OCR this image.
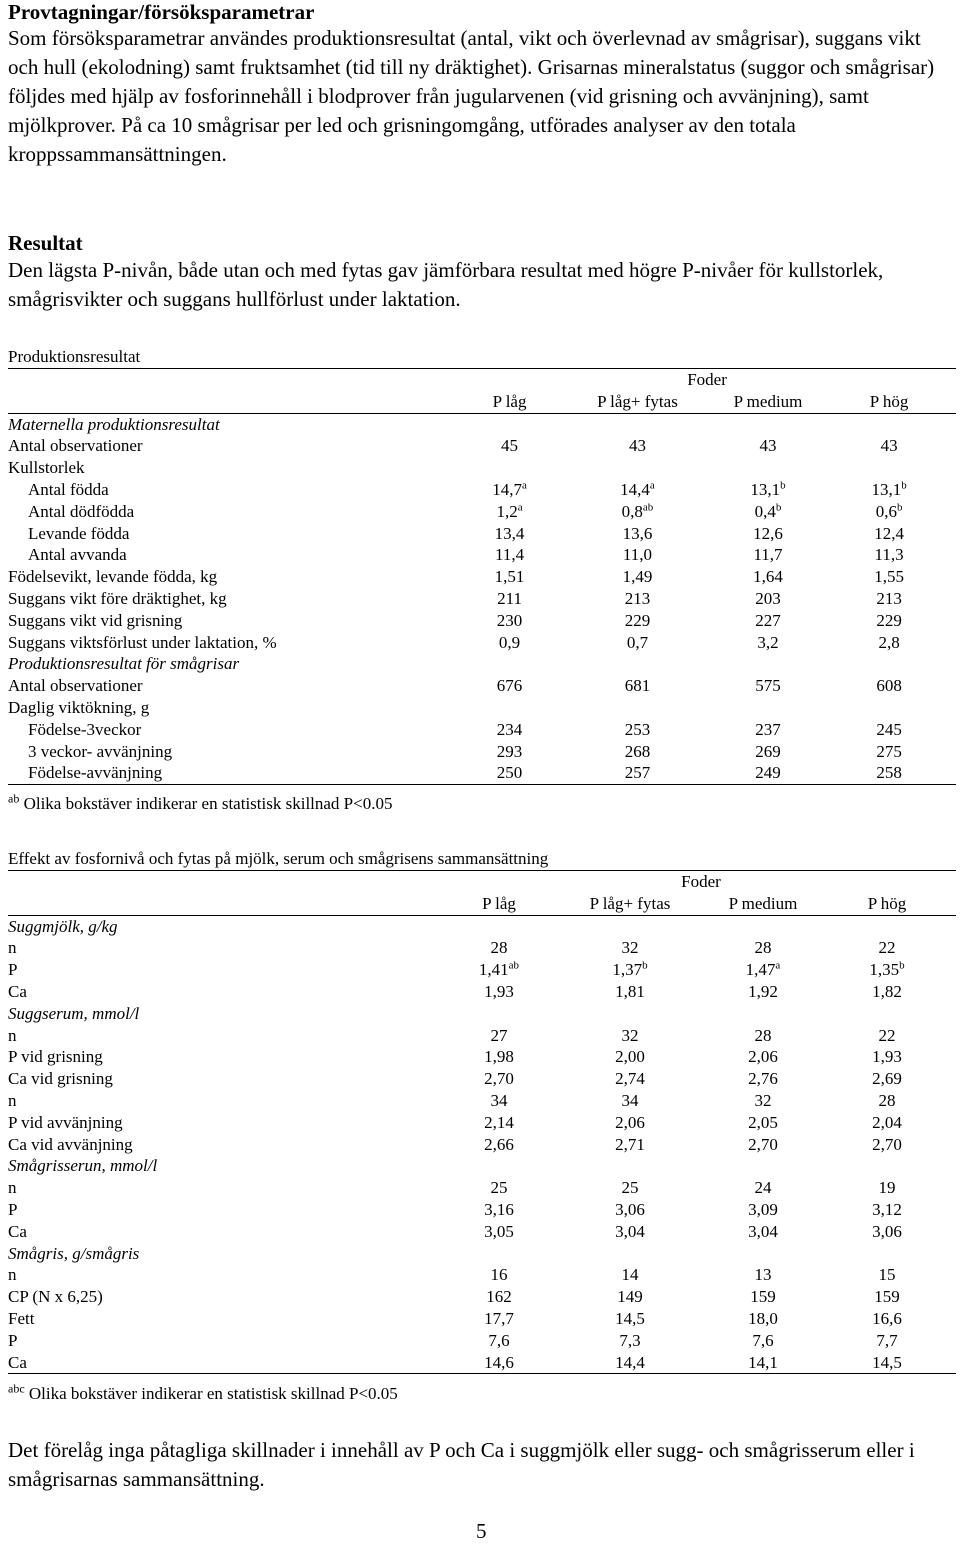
Provtagningar/försöksparametrar

Som försöksparametrar användes produktionsresultat (antal, vikt och överlevnad av smågrisar), suggans vikt och hull (ekolodning) samt fruktsamhet (tid till ny dräktighet). Grisarnas mineralstatus (suggor och smågrisar) följdes med hjälp av fosforinnehåll i blodprover från jugularvenen (vid grisning och avvänjning), samt mjölkprover. På ca 10 smågrisar per led och grisningomgång, utförades analyser av den totala kroppssammansättningen.

Resultat

Den lägsta P-nivån, både utan och med fytas gav jämförbara resultat med högre P-nivåer för kullstorlek, smågrisvikter och suggans hullförlust under laktation.

Produktionsresultat
	Foder			
	P låg	P låg+ fytas	P medium	P hög
Maternella produktionsresultat				
Antal observationer	45	43	43	43
Kullstorlek				
Antal födda	14,7$^a$	14,4$^a$	13,1$^b$	13,1$^b$
Antal dödfödda	1,2$^a$	0,8$^{ab}$	0,4$^b$	0,6$^b$
Levande födda	13,4	13,6	12,6	12,4
Antal avvanda	11,4	11,0	11,7	11,3
Födelsevikt, levande födda, kg	1,51	1,49	1,64	1,55
Suggans vikt före dräktighet, kg	211	213	203	213
Suggans vikt vid grisning	230	229	227	229
Suggans viktsförlust under laktation, %	0,9	0,7	3,2	2,8
Produktionsresultat för smågrisar				
Antal observationer	676	681	575	608
Daglig viktökning, g				
Födelse-3veckor	234	253	237	245
3 veckor- avvänjning	293	268	269	275
Födelse-avvänjning	250	257	249	258
$^{ab}$ Olika bokstäver indikerar en statistisk skillnad P<0.05
Effekt av fosfornivå och fytas på mjölk, serum och smågrisens sammansättning
	Foder			
	P låg	P låg+ fytas	P medium	P hög
Suggmjölk, g/kg				
n	28	32	28	22
P	1,41$^{ab}$	1,37$^b$	1,47$^a$	1,35$^b$
Ca	1,93	1,81	1,92	1,82
Suggserum, mmol/l				
n	27	32	28	22
P vid grisning	1,98	2,00	2,06	1,93
Ca vid grisning	2,70	2,74	2,76	2,69
n	34	34	32	28
P vid avvänjning	2,14	2,06	2,05	2,04
Ca vid avvänjning	2,66	2,71	2,70	2,70
Smågrisserun, mmol/l				
n	25	25	24	19
P	3,16	3,06	3,09	3,12
Ca	3,05	3,04	3,04	3,06
Smågris, g/smågris				
n	16	14	13	15
CP (N x 6,25)	162	149	159	159
Fett	17,7	14,5	18,0	16,6
P	7,6	7,3	7,6	7,7
Ca	14,6	14,4	14,1	14,5
$^{abc}$ Olika bokstäver indikerar en statistisk skillnad P<0.05

Det förelåg inga påtagliga skillnader i innehåll av P och Ca i suggmjölk eller sugg- och smågrisserum eller i smågrisarnas sammansättning.

5
